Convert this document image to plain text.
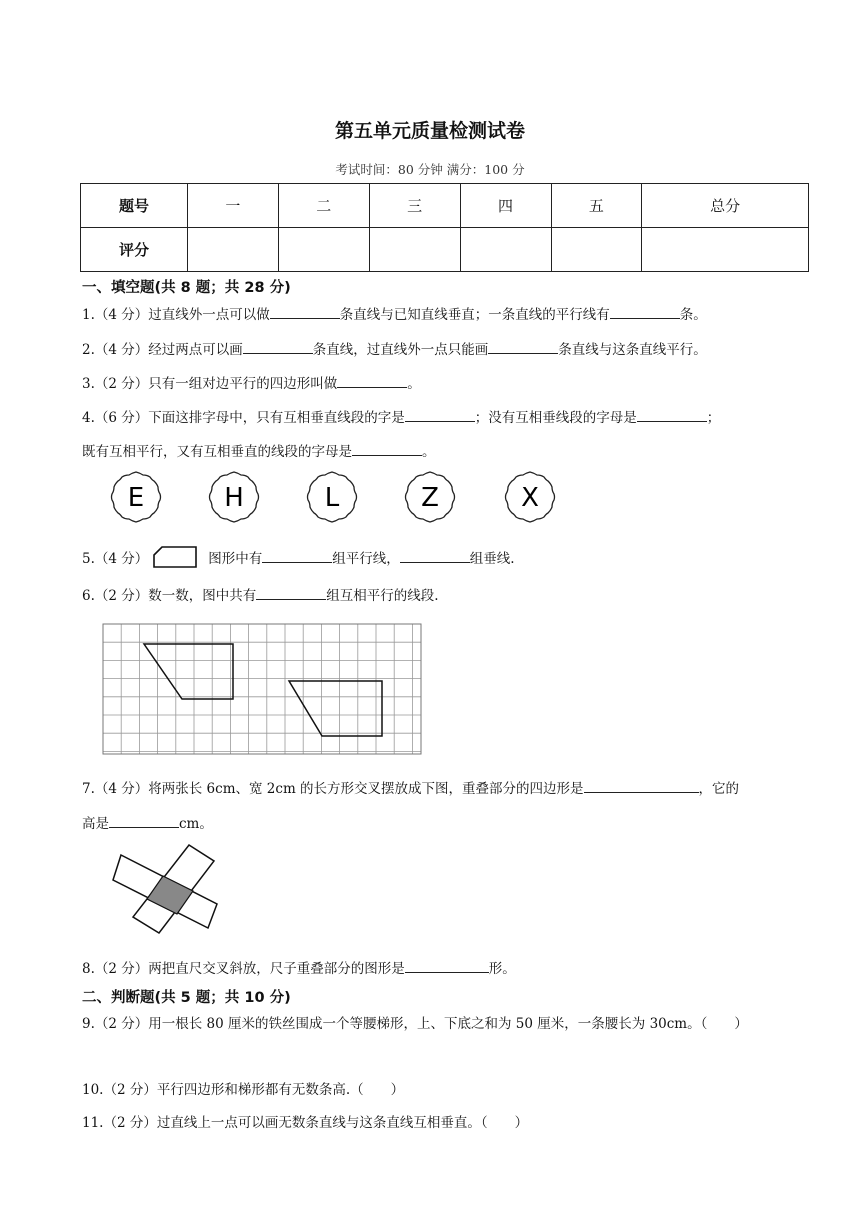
第五单元质量检测试卷
考试时间：80 分钟 满分：100 分
题号	一	二	三	四	五	总分
评分						
一、填空题(共 8 题；共 28 分)
1.（4 分）过直线外一点可以做	条直线与已知直线垂直；一条直线的平行线有	条。
2.（4 分）经过两点可以画	条直线，过直线外一点只能画	条直线与这条直线平行。
3.（2 分）只有一组对边平行的四边形叫做	。
4.（6 分）下面这排字母中，只有互相垂直线段的字是	；没有互相垂线段的字母是	；
既有互相平行，又有互相垂直的线段的字母是	。
E	H	L	Z	X
5.（4 分）	图形中有	组平行线，	组垂线.
6.（2 分）数一数，图中共有	组互相平行的线段.
7.（4 分）将两张长 6cm、宽 2cm 的长方形交叉摆放成下图，重叠部分的四边形是	，它的
高是	cm。
8.（2 分）两把直尺交叉斜放，尺子重叠部分的图形是	形。
二、判断题(共 5 题；共 10 分)
9.（2 分）用一根长 80 厘米的铁丝围成一个等腰梯形，上、下底之和为 50 厘米，一条腰长为 30cm。（　　）
10.（2 分）平行四边形和梯形都有无数条高.（　　）
11.（2 分）过直线上一点可以画无数条直线与这条直线互相垂直。（　　）
